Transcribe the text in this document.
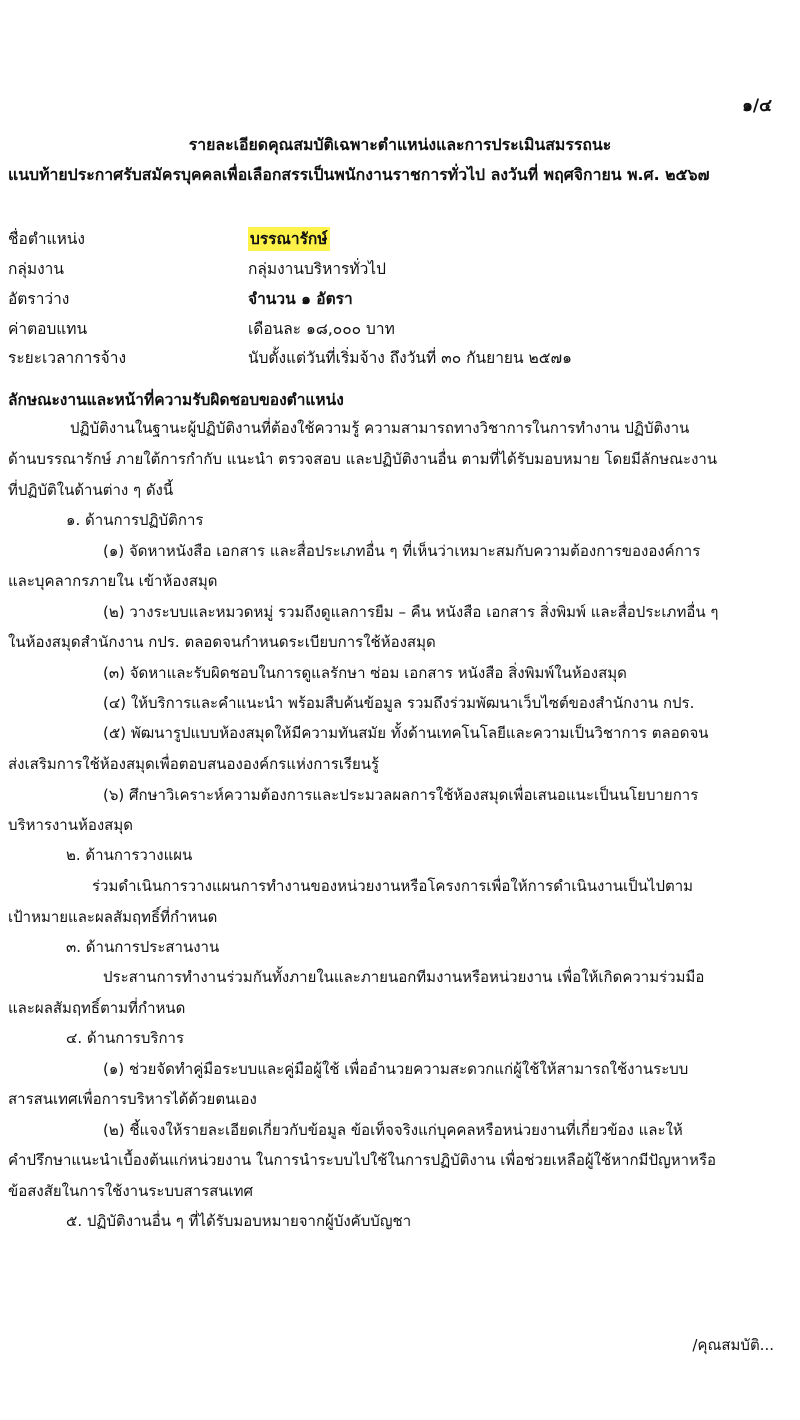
๑/๔
รายละเอียดคุณสมบัติเฉพาะตำแหน่งและการประเมินสมรรถนะ
แนบท้ายประกาศรับสมัครบุคคลเพื่อเลือกสรรเป็นพนักงานราชการทั่วไป ลงวันที่ พฤศจิกายน พ.ศ. ๒๕๖๗
ชื่อตำแหน่ง	บรรณารักษ์
กลุ่มงาน	กลุ่มงานบริหารทั่วไป
อัตราว่าง	จำนวน ๑ อัตรา
ค่าตอบแทน	เดือนละ ๑๘,๐๐๐ บาท
ระยะเวลาการจ้าง	นับตั้งแต่วันที่เริ่มจ้าง ถึงวันที่ ๓๐ กันยายน ๒๕๗๑
ลักษณะงานและหน้าที่ความรับผิดชอบของตำแหน่ง
ปฏิบัติงานในฐานะผู้ปฏิบัติงานที่ต้องใช้ความรู้ ความสามารถทางวิชาการในการทำงาน ปฏิบัติงาน
ด้านบรรณารักษ์ ภายใต้การกำกับ แนะนำ ตรวจสอบ และปฏิบัติงานอื่น ตามที่ได้รับมอบหมาย โดยมีลักษณะงาน
ที่ปฏิบัติในด้านต่าง ๆ ดังนี้
๑. ด้านการปฏิบัติการ
(๑) จัดหาหนังสือ เอกสาร และสื่อประเภทอื่น ๆ ที่เห็นว่าเหมาะสมกับความต้องการขององค์การ
และบุคลากรภายใน เข้าห้องสมุด
(๒) วางระบบและหมวดหมู่ รวมถึงดูแลการยืม – คืน หนังสือ เอกสาร สิ่งพิมพ์ และสื่อประเภทอื่น ๆ
ในห้องสมุดสำนักงาน กปร. ตลอดจนกำหนดระเบียบการใช้ห้องสมุด
(๓) จัดหาและรับผิดชอบในการดูแลรักษา ซ่อม เอกสาร หนังสือ สิ่งพิมพ์ในห้องสมุด
(๔) ให้บริการและคำแนะนำ พร้อมสืบค้นข้อมูล รวมถึงร่วมพัฒนาเว็บไซต์ของสำนักงาน กปร.
(๕) พัฒนารูปแบบห้องสมุดให้มีความทันสมัย ทั้งด้านเทคโนโลยีและความเป็นวิชาการ ตลอดจน
ส่งเสริมการใช้ห้องสมุดเพื่อตอบสนององค์กรแห่งการเรียนรู้
(๖) ศึกษาวิเคราะห์ความต้องการและประมวลผลการใช้ห้องสมุดเพื่อเสนอแนะเป็นนโยบายการ
บริหารงานห้องสมุด
๒. ด้านการวางแผน
ร่วมดำเนินการวางแผนการทำงานของหน่วยงานหรือโครงการเพื่อให้การดำเนินงานเป็นไปตาม
เป้าหมายและผลสัมฤทธิ์ที่กำหนด
๓. ด้านการประสานงาน
ประสานการทำงานร่วมกันทั้งภายในและภายนอกทีมงานหรือหน่วยงาน เพื่อให้เกิดความร่วมมือ
และผลสัมฤทธิ์ตามที่กำหนด
๔. ด้านการบริการ
(๑) ช่วยจัดทำคู่มือระบบและคู่มือผู้ใช้ เพื่ออำนวยความสะดวกแก่ผู้ใช้ให้สามารถใช้งานระบบ
สารสนเทศเพื่อการบริหารได้ด้วยตนเอง
(๒) ชี้แจงให้รายละเอียดเกี่ยวกับข้อมูล ข้อเท็จจริงแก่บุคคลหรือหน่วยงานที่เกี่ยวข้อง และให้
คำปรึกษาแนะนำเบื้องต้นแก่หน่วยงาน ในการนำระบบไปใช้ในการปฏิบัติงาน เพื่อช่วยเหลือผู้ใช้หากมีปัญหาหรือ
ข้อสงสัยในการใช้งานระบบสารสนเทศ
๕. ปฏิบัติงานอื่น ๆ ที่ได้รับมอบหมายจากผู้บังคับบัญชา
/คุณสมบัติ...
